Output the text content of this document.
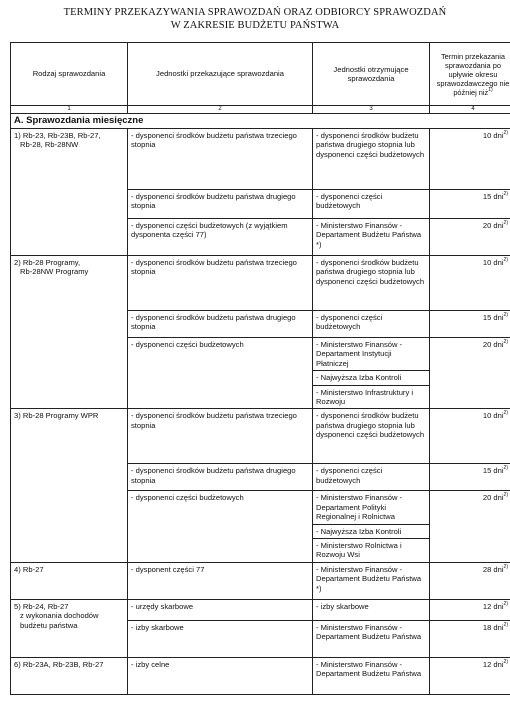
TERMINY PRZEKAZYWANIA SPRAWOZDAŃ ORAZ ODBIORCY SPRAWOZDAŃ
W ZAKRESIE BUDŻETU PAŃSTWA
Rodzaj sprawozdania	Jednostki przekazujące sprawozdania	Jednostki otrzymujące sprawozdania	Termin przekazania sprawozdania po upływie okresu sprawozdawczego nie później niż$^{1)}$
1	2	3	4
A. Sprawozdania miesięczne			

1) Rb-23, Rb-23B, Rb-27,
Rb-28, Rb-28NW	- dysponenci środków budżetu państwa trzeciego stopnia	- dysponenci środków budżetu państwa drugiego stopnia lub dysponenci części budżetowych	10 dni$^{2)}$
	- dysponenci środków budżetu państwa drugiego stopnia	- dysponenci części budżetowych	15 dni$^{2)}$
	- dysponenci części budżetowych (z wyjątkiem dysponenta części 77)	- Ministerstwo Finansów - Departament Budżetu Państwa *)	20 dni$^{2)}$

2) Rb-28 Programy,
Rb-28NW Programy	- dysponenci środków budżetu państwa trzeciego stopnia	- dysponenci środków budżetu państwa drugiego stopnia lub dysponenci części budżetowych	10 dni$^{2)}$
	- dysponenci środków budżetu państwa drugiego stopnia	- dysponenci części budżetowych	15 dni$^{2)}$
	- dysponenci części budżetowych	- Ministerstwo Finansów - Departament Instytucji Płatniczej
- Najwyższa Izba Kontroli
- Ministerstwo Infrastruktury i Rozwoju	20 dni$^{2)}$
3) Rb-28 Programy WPR	- dysponenci środków budżetu państwa trzeciego stopnia	- dysponenci środków budżetu państwa drugiego stopnia lub dysponenci części budżetowych	10 dni$^{2)}$
	- dysponenci środków budżetu państwa drugiego stopnia	- dysponenci części budżetowych	15 dni$^{2)}$
	- dysponenci części budżetowych	- Ministerstwo Finansów - Departament Polityki Regionalnej i Rolnictwa
- Najwyższa Izba Kontroli
- Ministerstwo Rolnictwa i Rozwoju Wsi	20 dni$^{2)}$
4) Rb-27	- dysponent części 77	- Ministerstwo Finansów - Departament Budżetu Państwa *)	28 dni$^{2)}$

5) Rb-24, Rb-27
z wykonania dochodów budżetu państwa	- urzędy skarbowe	- izby skarbowe	12 dni$^{2)}$
	- izby skarbowe	- Ministerstwo Finansów - Departament Budżetu Państwa	18 dni$^{2)}$
6) Rb-23A, Rb-23B, Rb-27	- izby celne	- Ministerstwo Finansów - Departament Budżetu Państwa	12 dni$^{2)}$
